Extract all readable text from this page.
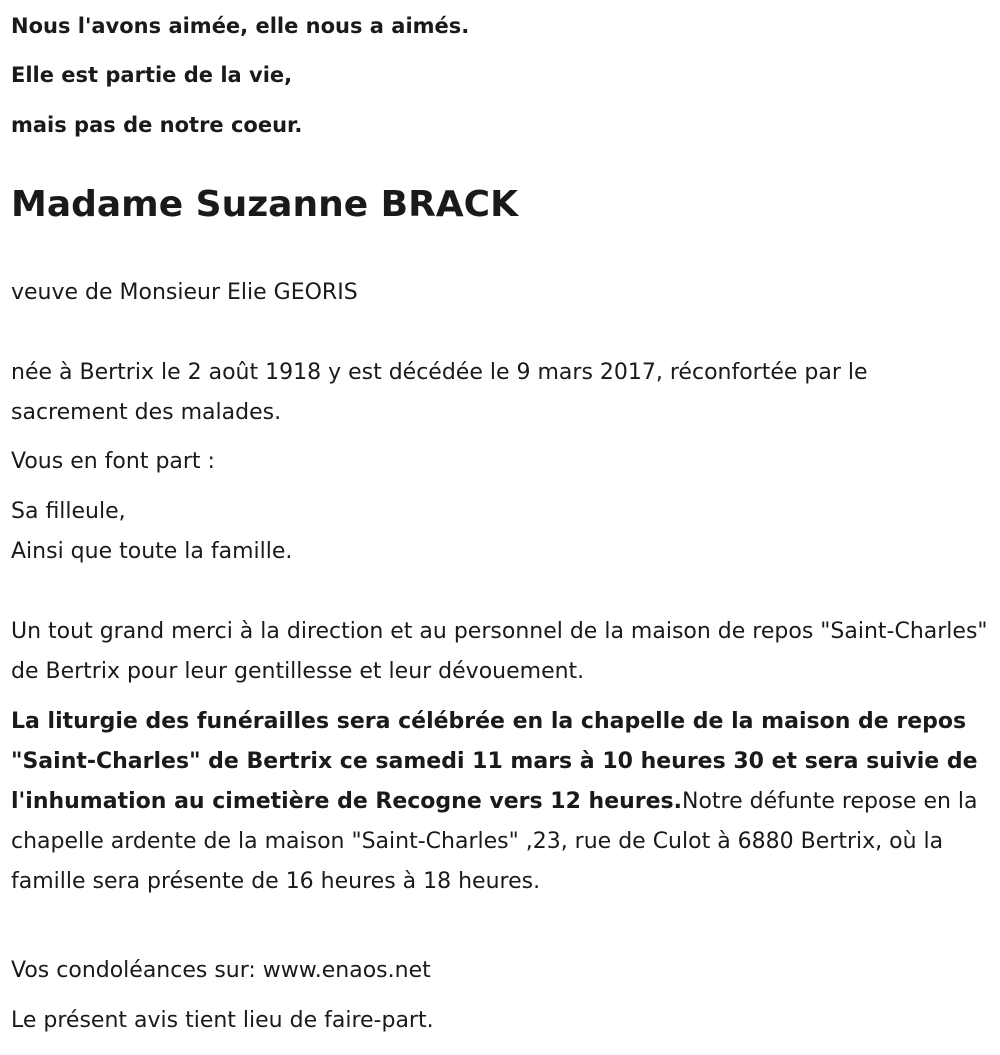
Nous l'avons aimée, elle nous a aimés.
Elle est partie de la vie,
mais pas de notre coeur.
Madame Suzanne BRACK
veuve de Monsieur Elie GEORIS
née à Bertrix le 2 août 1918 y est décédée le 9 mars 2017, réconfortée par le sacrement des malades.
Vous en font part :
Sa filleule,
Ainsi que toute la famille.
Un tout grand merci à la direction et au personnel de la maison de repos "Saint-Charles" de Bertrix pour leur gentillesse et leur dévouement.
La liturgie des funérailles sera célébrée en la chapelle de la maison de repos "Saint-Charles" de Bertrix ce samedi 11 mars à 10 heures 30 et sera suivie de l'inhumation au cimetière de Recogne vers 12 heures.Notre défunte repose en la chapelle ardente de la maison "Saint-Charles" ,23, rue de Culot à 6880 Bertrix, où la famille sera présente de 16 heures à 18 heures.
Vos condoléances sur: www.enaos.net
Le présent avis tient lieu de faire-part.
